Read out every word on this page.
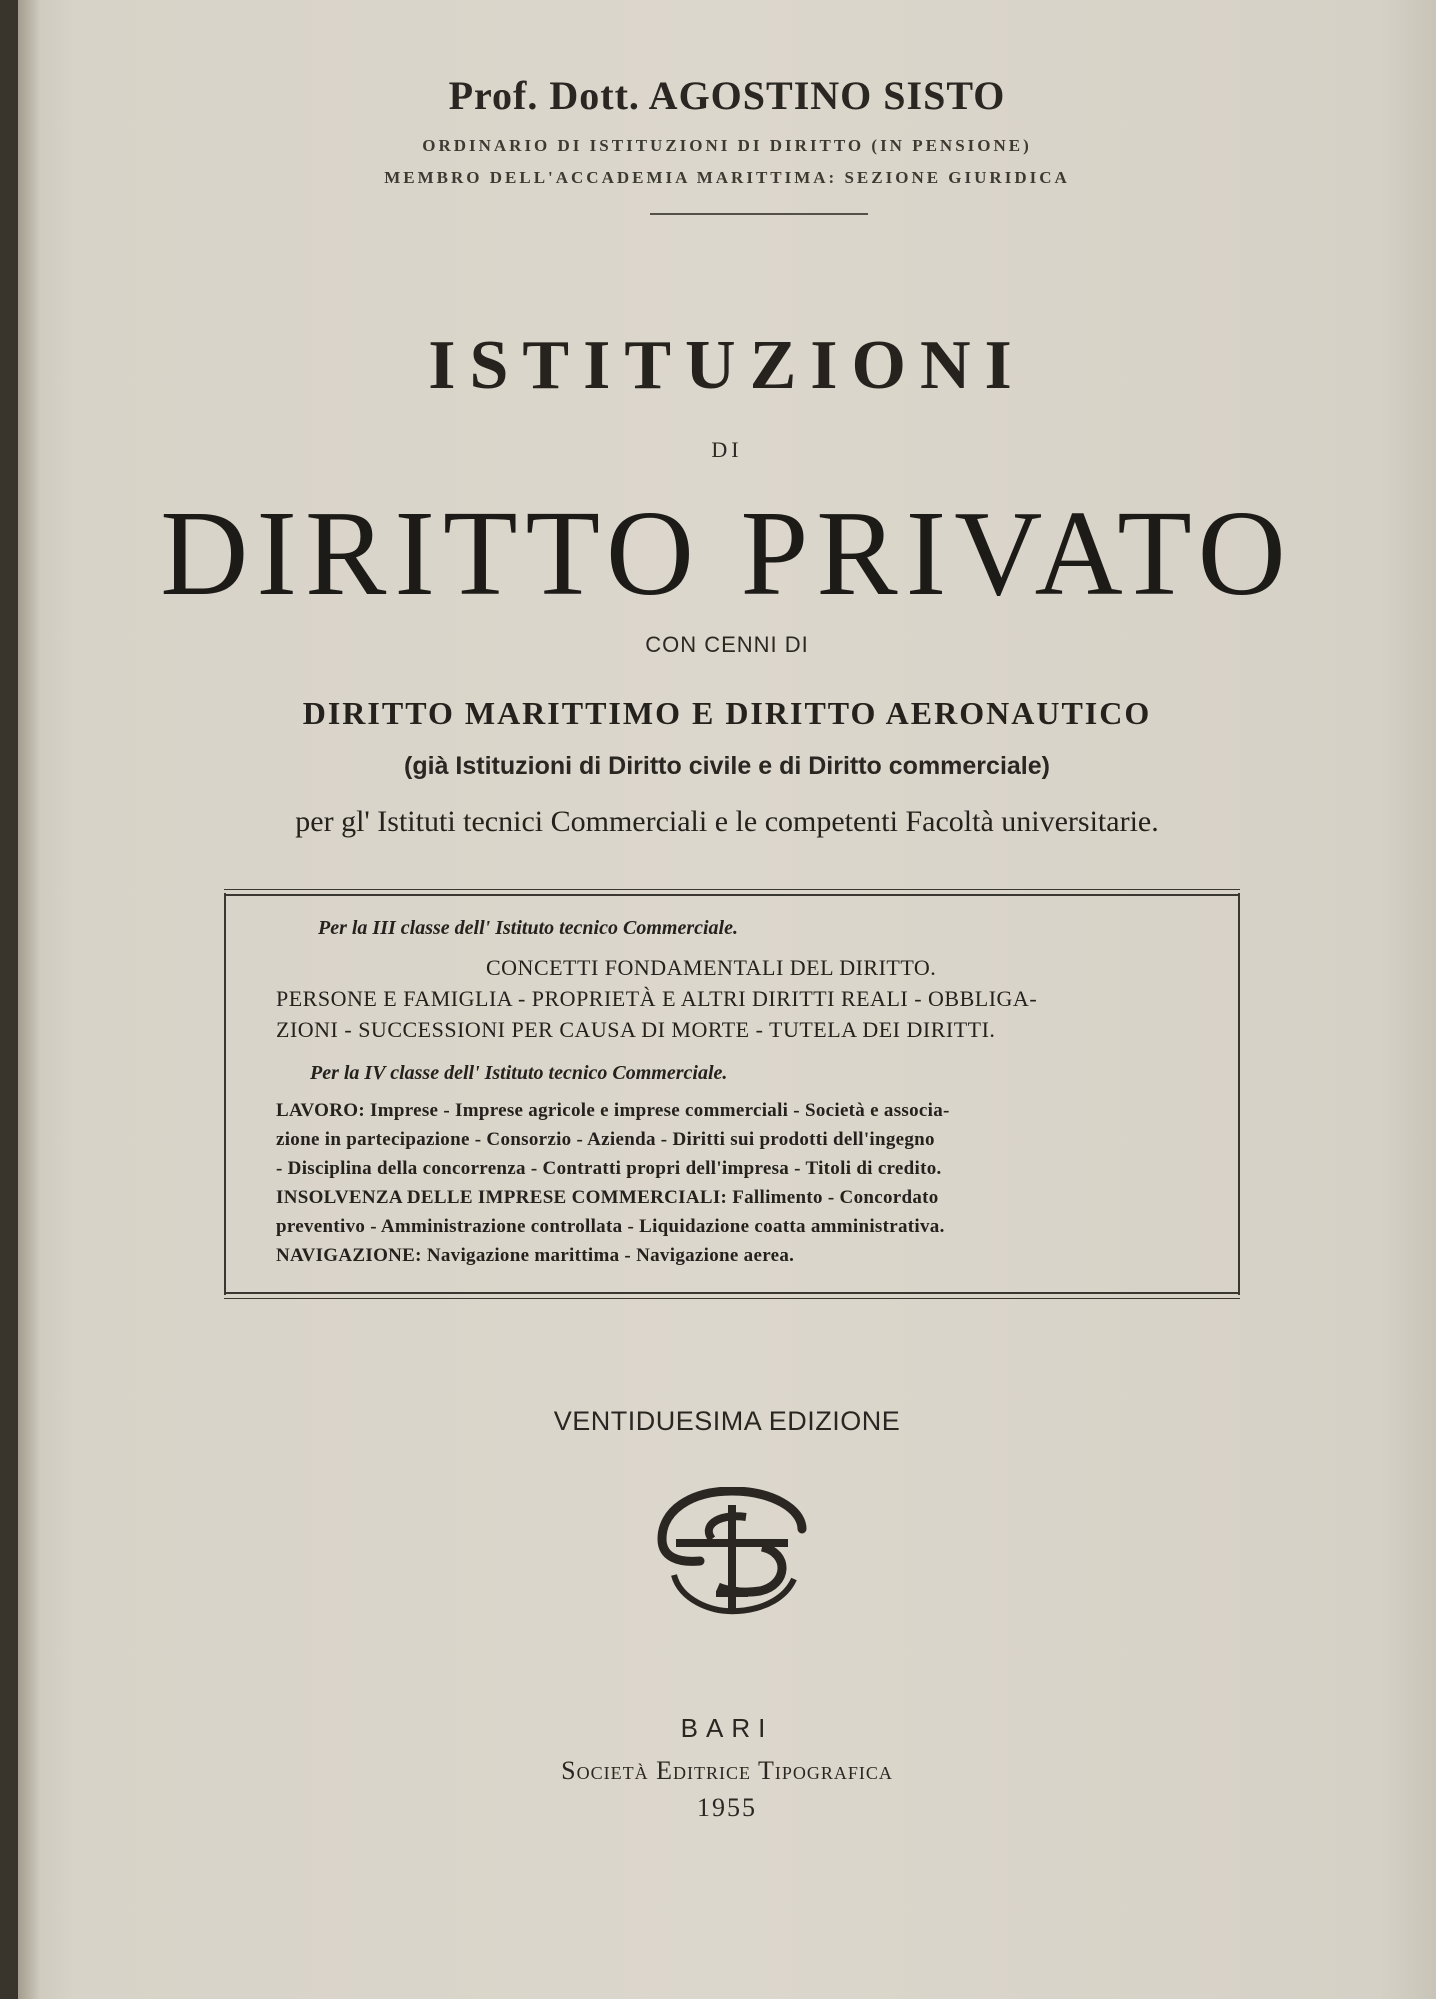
Prof. Dott. AGOSTINO SISTO
ORDINARIO DI ISTITUZIONI DI DIRITTO (IN PENSIONE)
MEMBRO DELL'ACCADEMIA MARITTIMA: SEZIONE GIURIDICA
ISTITUZIONI
DI
DIRITTO PRIVATO
CON CENNI DI
DIRITTO MARITTIMO E DIRITTO AERONAUTICO
(già Istituzioni di Diritto civile e di Diritto commerciale)
per gl' Istituti tecnici Commerciali e le competenti Facoltà universitarie.
Per la III classe dell' Istituto tecnico Commerciale.
CONCETTI FONDAMENTALI DEL DIRITTO.
PERSONE E FAMIGLIA - PROPRIETÀ E ALTRI DIRITTI REALI - OBBLIGA-
ZIONI - SUCCESSIONI PER CAUSA DI MORTE - TUTELA DEI DIRITTI.
Per la IV classe dell' Istituto tecnico Commerciale.
LAVORO: Imprese - Imprese agricole e imprese commerciali - Società e associa-
zione in partecipazione - Consorzio - Azienda - Diritti sui prodotti dell'ingegno
- Disciplina della concorrenza - Contratti propri dell'impresa - Titoli di credito.
INSOLVENZA DELLE IMPRESE COMMERCIALI: Fallimento - Concordato
preventivo - Amministrazione controllata - Liquidazione coatta amministrativa.
NAVIGAZIONE: Navigazione marittima - Navigazione aerea.
VENTIDUESIMA EDIZIONE
BARI
Società Editrice Tipografica
1955
